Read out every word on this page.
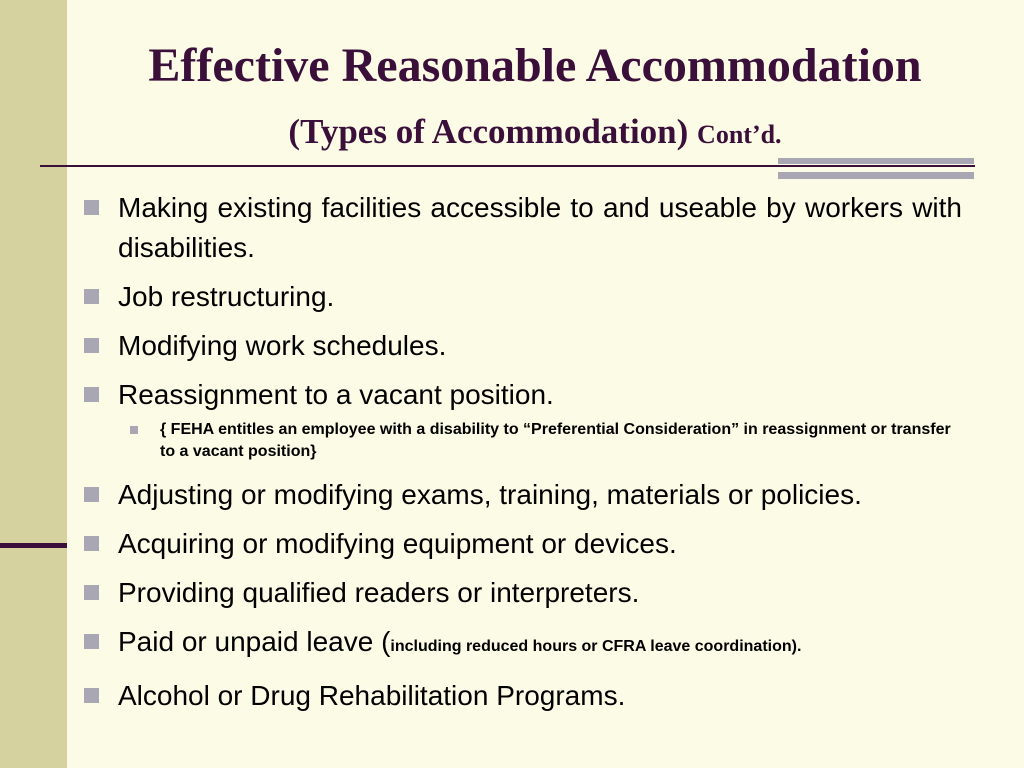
Effective Reasonable Accommodation
(Types of Accommodation) Cont’d.
Making existing facilities accessible to and useable by workers with disabilities.
Job restructuring.
Modifying work schedules.
Reassignment to a vacant position.
{ FEHA entitles an employee with a disability to “Preferential Consideration” in reassignment or transfer to a vacant position}
Adjusting or modifying exams, training, materials or policies.
Acquiring or modifying equipment or devices.
Providing qualified readers or interpreters.
Paid or unpaid leave (including reduced hours or CFRA leave coordination).
Alcohol or Drug Rehabilitation Programs.
